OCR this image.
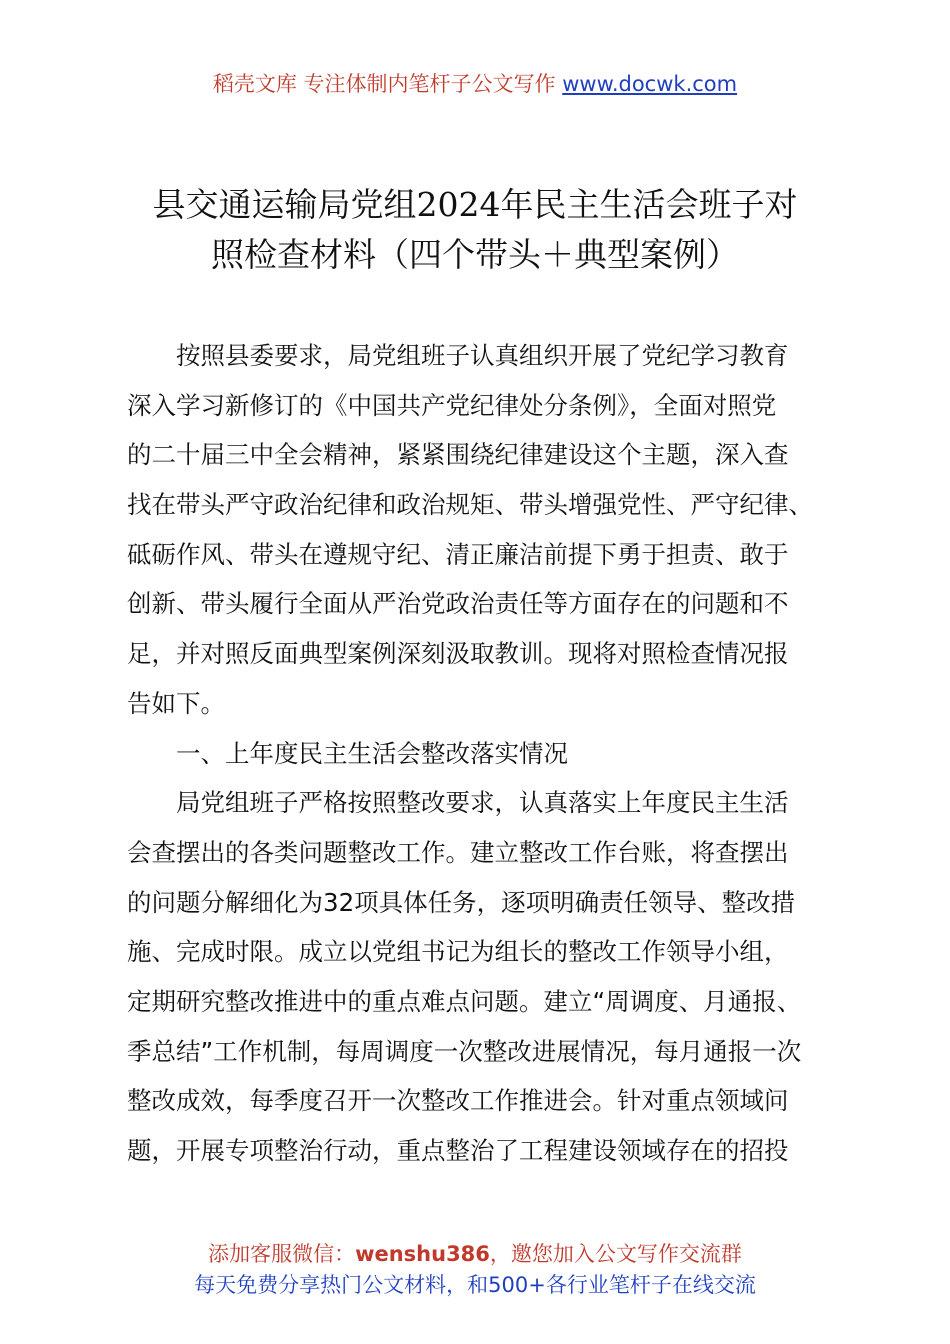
稻壳文库 专注体制内笔杆子公文写作 www.docwk.com
县交通运输局党组2024年民主生活会班子对
照检查材料（四个带头＋典型案例）
按照县委要求，局党组班子认真组织开展了党纪学习教育
深入学习新修订的《中国共产党纪律处分条例》，全面对照党
的二十届三中全会精神，紧紧围绕纪律建设这个主题，深入查
找在带头严守政治纪律和政治规矩、带头增强党性、严守纪律、
砥砺作风、带头在遵规守纪、清正廉洁前提下勇于担责、敢于
创新、带头履行全面从严治党政治责任等方面存在的问题和不
足，并对照反面典型案例深刻汲取教训。现将对照检查情况报
告如下。
一、上年度民主生活会整改落实情况
局党组班子严格按照整改要求，认真落实上年度民主生活
会查摆出的各类问题整改工作。建立整改工作台账，将查摆出
的问题分解细化为32项具体任务，逐项明确责任领导、整改措
施、完成时限。成立以党组书记为组长的整改工作领导小组，
定期研究整改推进中的重点难点问题。建立“周调度、月通报、
季总结”工作机制，每周调度一次整改进展情况，每月通报一次
整改成效，每季度召开一次整改工作推进会。针对重点领域问
题，开展专项整治行动，重点整治了工程建设领域存在的招投
添加客服微信：wenshu386，邀您加入公文写作交流群
每天免费分享热门公文材料，和500+各行业笔杆子在线交流
